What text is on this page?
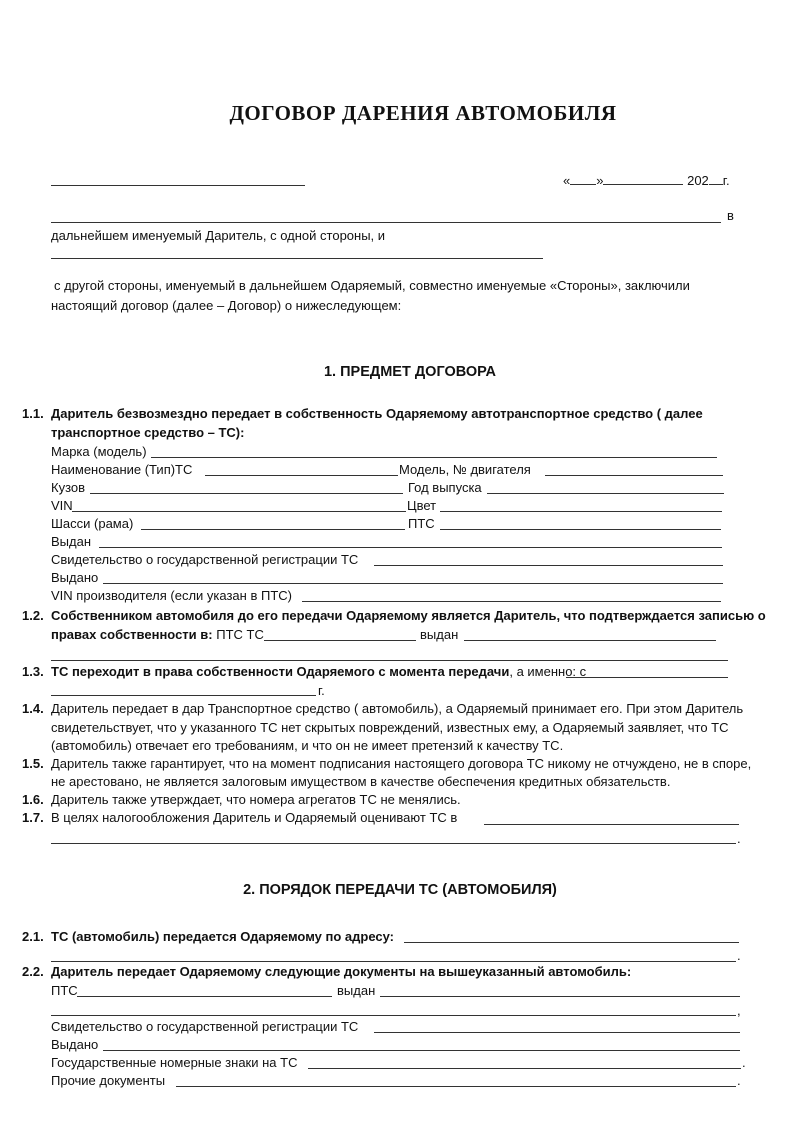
ДОГОВОР ДАРЕНИЯ АВТОМОБИЛЯ
« »	202 г.
в
дальнейшем именуемый Даритель, с одной стороны, и
с другой стороны, именуемый в дальнейшем Одаряемый, совместно именуемые «Стороны», заключили
настоящий договор (далее – Договор) о нижеследующем:
1. ПРЕДМЕТ ДОГОВОРА
1.1. Даритель безвозмездно передает в собственность Одаряемому автотранспортное средство ( далее
транспортное средство – ТС):
Марка (модель)
Наименование (Тип)ТС	Модель, № двигателя
Кузов	Год выпуска
VIN	Цвет
Шасси (рама)	ПТС
Выдан
Свидетельство о государственной регистрации ТС
Выдано
VIN производителя (если указан в ПТС)
1.2. Собственником автомобиля до его передачи Одаряемому является Даритель, что подтверждается записью о
правах собственности в: ПТС ТС	выдан
1.3. ТС переходит в права собственности Одаряемого с момента передачи, а именно: с
г.
1.4. Даритель передает в дар Транспортное средство ( автомобиль), а Одаряемый принимает его. При этом Даритель
свидетельствует, что у указанного ТС нет скрытых повреждений, известных ему, а Одаряемый заявляет, что ТС
(автомобиль) отвечает его требованиям, и что он не имеет претензий к качеству ТС.
1.5. Даритель также гарантирует, что на момент подписания настоящего договора ТС никому не отчуждено, не в споре,
не арестовано, не является залоговым имуществом в качестве обеспечения кредитных обязательств.
1.6. Даритель также утверждает, что номера агрегатов ТС не менялись.
1.7. В целях налогообложения Даритель и Одаряемый оценивают ТС в
.
2. ПОРЯДОК ПЕРЕДАЧИ ТС (АВТОМОБИЛЯ)
2.1. ТС (автомобиль) передается Одаряемому по адресу:
.
2.2. Даритель передает Одаряемому следующие документы на вышеуказанный автомобиль:
ПТС	выдан
,
Свидетельство о государственной регистрации ТС
Выдано
Государственные номерные знаки на ТС	.
Прочие документы	.
